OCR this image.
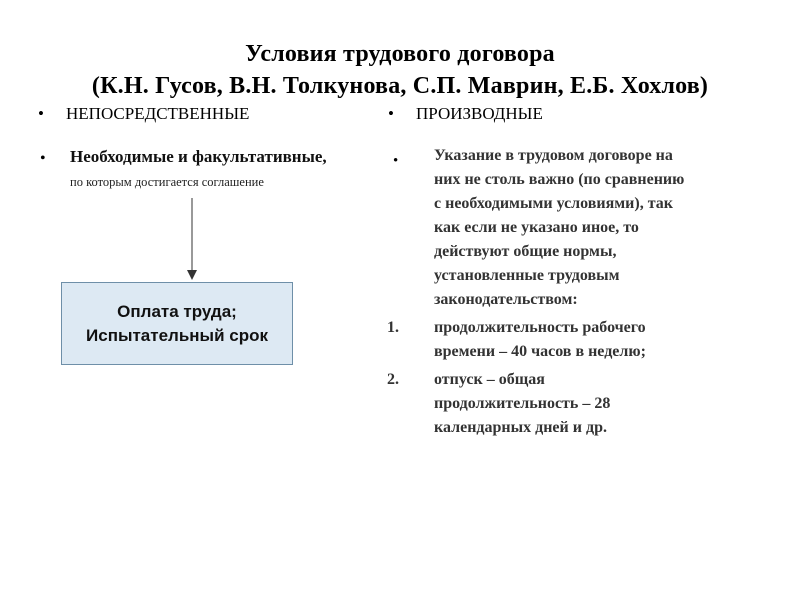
Условия трудового договора
(К.Н. Гусов, В.Н. Толкунова, С.П. Маврин, Е.Б. Хохлов)
• НЕПОСРЕДСТВЕННЫЕ	• ПРОИЗВОДНЫЕ
• Необходимые и факультативные,
по которым достигается соглашение
Оплата труда;
Испытательный срок
• Указание в трудовом договоре на
них не столь важно (по сравнению
с необходимыми условиями), так
как если не указано иное, то
действуют общие нормы,
установленные трудовым
законодательством:
1. продолжительность рабочего
времени – 40 часов в неделю;
2. отпуск – общая
продолжительность – 28
календарных дней и др.
